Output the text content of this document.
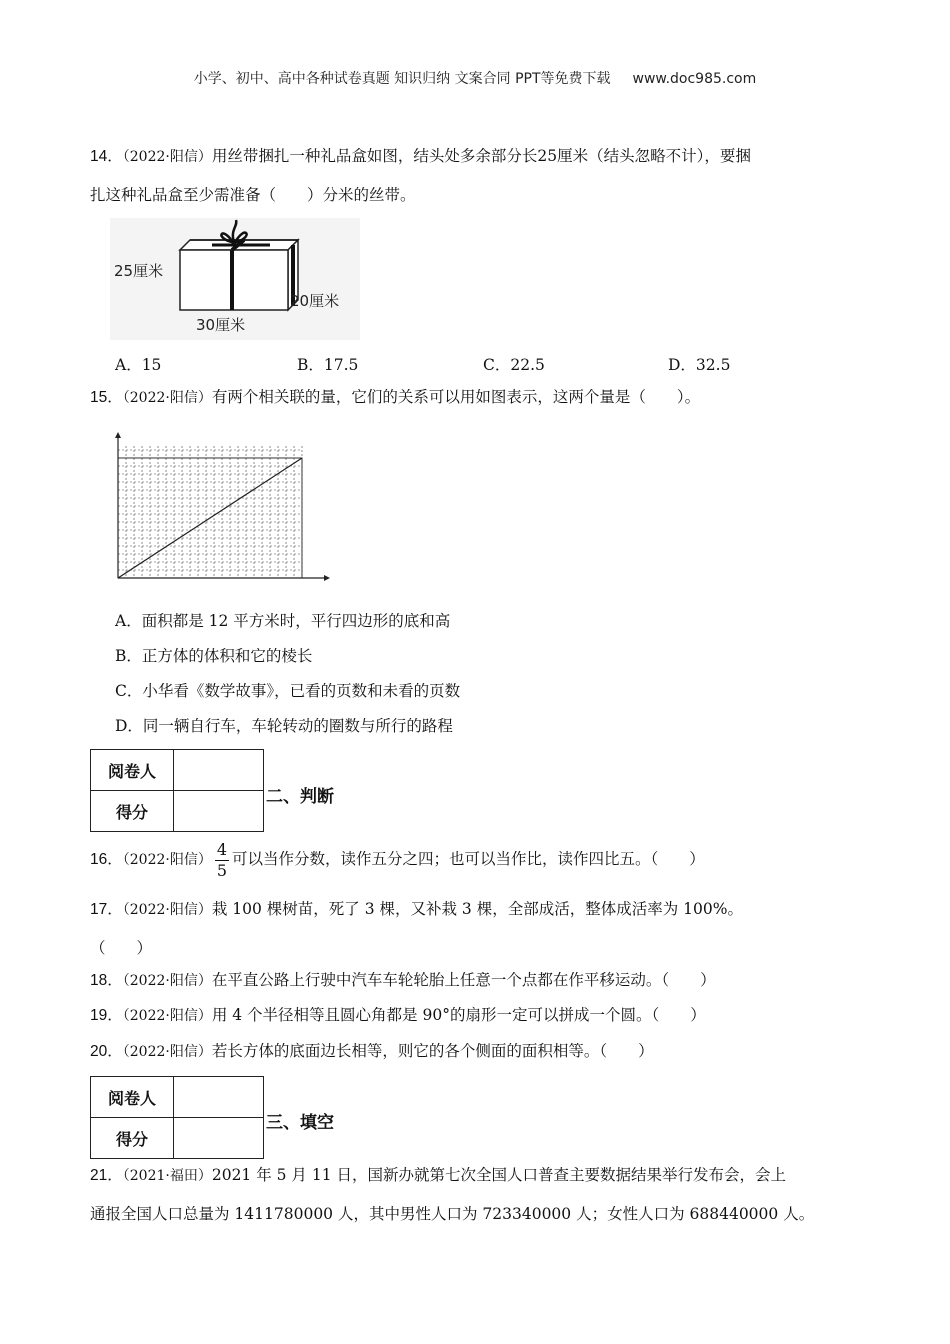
小学、初中、高中各种试卷真题 知识归纳 文案合同 PPT等免费下载 www.doc985.com
14．（2022·阳信）用丝带捆扎一种礼品盒如图，结头处多余部分长25厘米（结头忽略不计），要捆
扎这种礼品盒至少需准备（　　）分米的丝带。
25厘米
20厘米
30厘米
A．15	B．17.5	C．22.5	D．32.5
15．（2022·阳信）有两个相关联的量，它们的关系可以用如图表示，这两个量是（　　）。
A．面积都是 12 平方米时，平行四边形的底和高
B．正方体的体积和它的棱长
C．小华看《数学故事》，已看的页数和未看的页数
D．同一辆自行车，车轮转动的圈数与所行的路程
阅卷人	
得分	
二、判断
16．（2022·阳信） $\frac{4}{5}$ 可以当作分数，读作五分之四；也可以当作比，读作四比五。（　　）
17．（2022·阳信）栽 100 棵树苗，死了 3 棵，又补栽 3 棵，全部成活，整体成活率为 100%。
（　　）
18．（2022·阳信）在平直公路上行驶中汽车车轮轮胎上任意一个点都在作平移运动。（　　）
19．（2022·阳信）用 4 个半径相等且圆心角都是 90°的扇形一定可以拼成一个圆。（　　）
20．（2022·阳信）若长方体的底面边长相等，则它的各个侧面的面积相等。（　　）
阅卷人	
得分	
三、填空
21．（2021·福田）2021 年 5 月 11 日，国新办就第七次全国人口普查主要数据结果举行发布会，会上
通报全国人口总量为 1411780000 人，其中男性人口为 723340000 人；女性人口为 688440000 人。
